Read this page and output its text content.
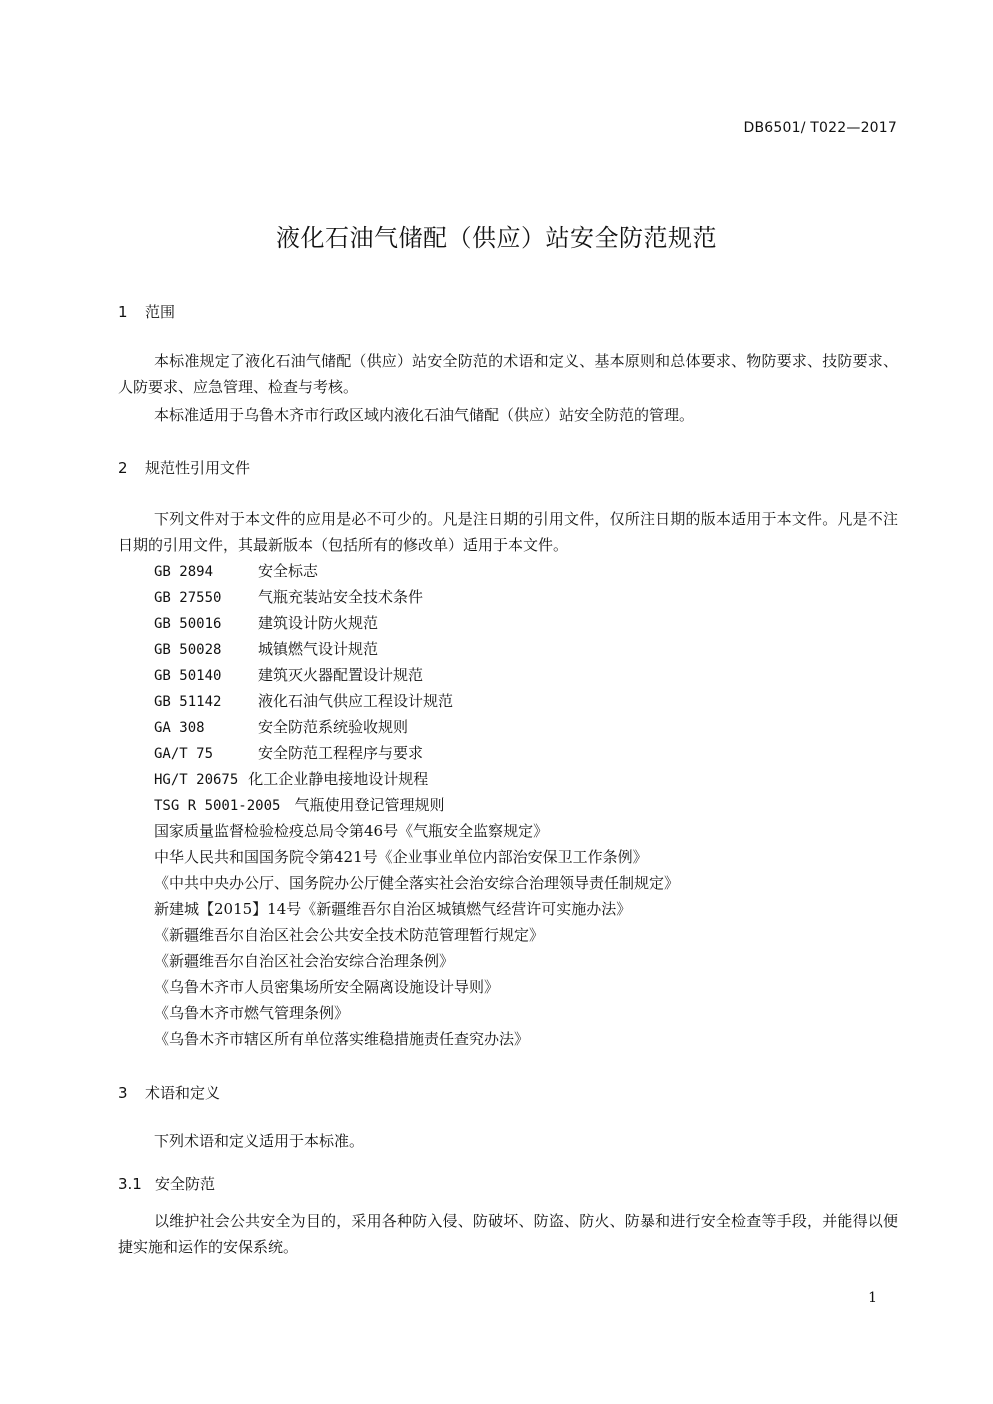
DB6501/ T022—2017
液化石油气储配（供应）站安全防范规范
1 范围
本标准规定了液化石油气储配（供应）站安全防范的术语和定义、基本原则和总体要求、物防要求、技防要求、人防要求、应急管理、检查与考核。
本标准适用于乌鲁木齐市行政区域内液化石油气储配（供应）站安全防范的管理。
2 规范性引用文件
下列文件对于本文件的应用是必不可少的。凡是注日期的引用文件，仅所注日期的版本适用于本文件。凡是不注日期的引用文件，其最新版本（包括所有的修改单）适用于本文件。
GB 2894	安全标志
GB 27550 气瓶充装站安全技术条件
GB 50016 建筑设计防火规范
GB 50028 城镇燃气设计规范
GB 50140 建筑灭火器配置设计规范
GB 51142 液化石油气供应工程设计规范
GA 308	安全防范系统验收规则
GA/T 75	安全防范工程程序与要求
HG/T 20675 化工企业静电接地设计规程
TSG R 5001-2005 气瓶使用登记管理规则
国家质量监督检验检疫总局令第46号《气瓶安全监察规定》
中华人民共和国国务院令第421号《企业事业单位内部治安保卫工作条例》
《中共中央办公厅、国务院办公厅健全落实社会治安综合治理领导责任制规定》
新建城【2015】14号《新疆维吾尔自治区城镇燃气经营许可实施办法》
《新疆维吾尔自治区社会公共安全技术防范管理暂行规定》
《新疆维吾尔自治区社会治安综合治理条例》
《乌鲁木齐市人员密集场所安全隔离设施设计导则》
《乌鲁木齐市燃气管理条例》
《乌鲁木齐市辖区所有单位落实维稳措施责任查究办法》
3 术语和定义
下列术语和定义适用于本标准。
3.1 安全防范
以维护社会公共安全为目的，采用各种防入侵、防破坏、防盗、防火、防暴和进行安全检查等手段，并能得以便捷实施和运作的安保系统。
1
